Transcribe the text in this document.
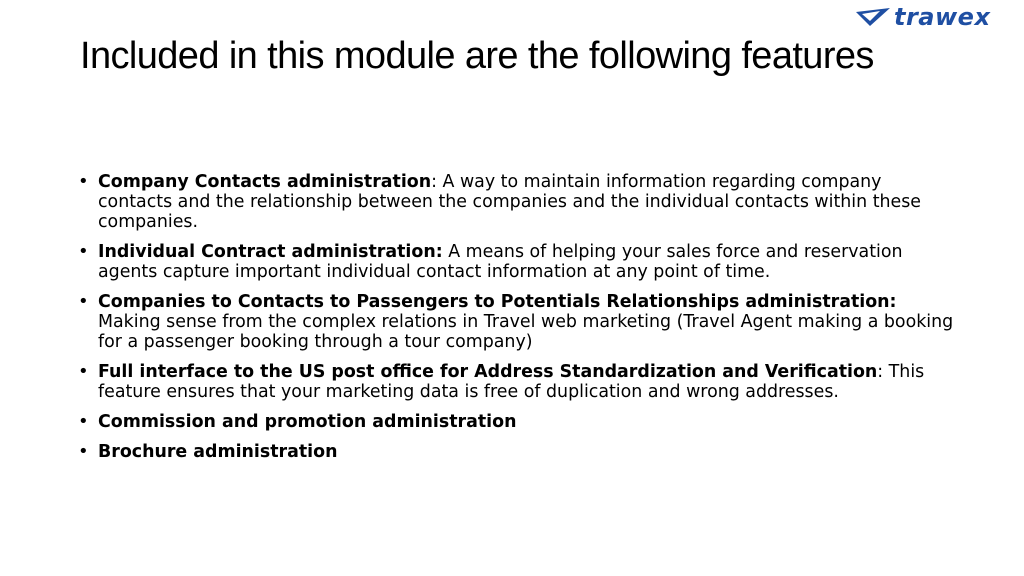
trawex
Included in this module are the following features
• Company Contacts administration: A way to maintain information regarding company contacts and the relationship between the companies and the individual contacts within these companies.
• Individual Contract administration: A means of helping your sales force and reservation agents capture important individual contact information at any point of time.
• Companies to Contacts to Passengers to Potentials Relationships administration: Making sense from the complex relations in Travel web marketing (Travel Agent making a booking for a passenger booking through a tour company)
• Full interface to the US post office for Address Standardization and Verification: This feature ensures that your marketing data is free of duplication and wrong addresses.
• Commission and promotion administration
• Brochure administration
